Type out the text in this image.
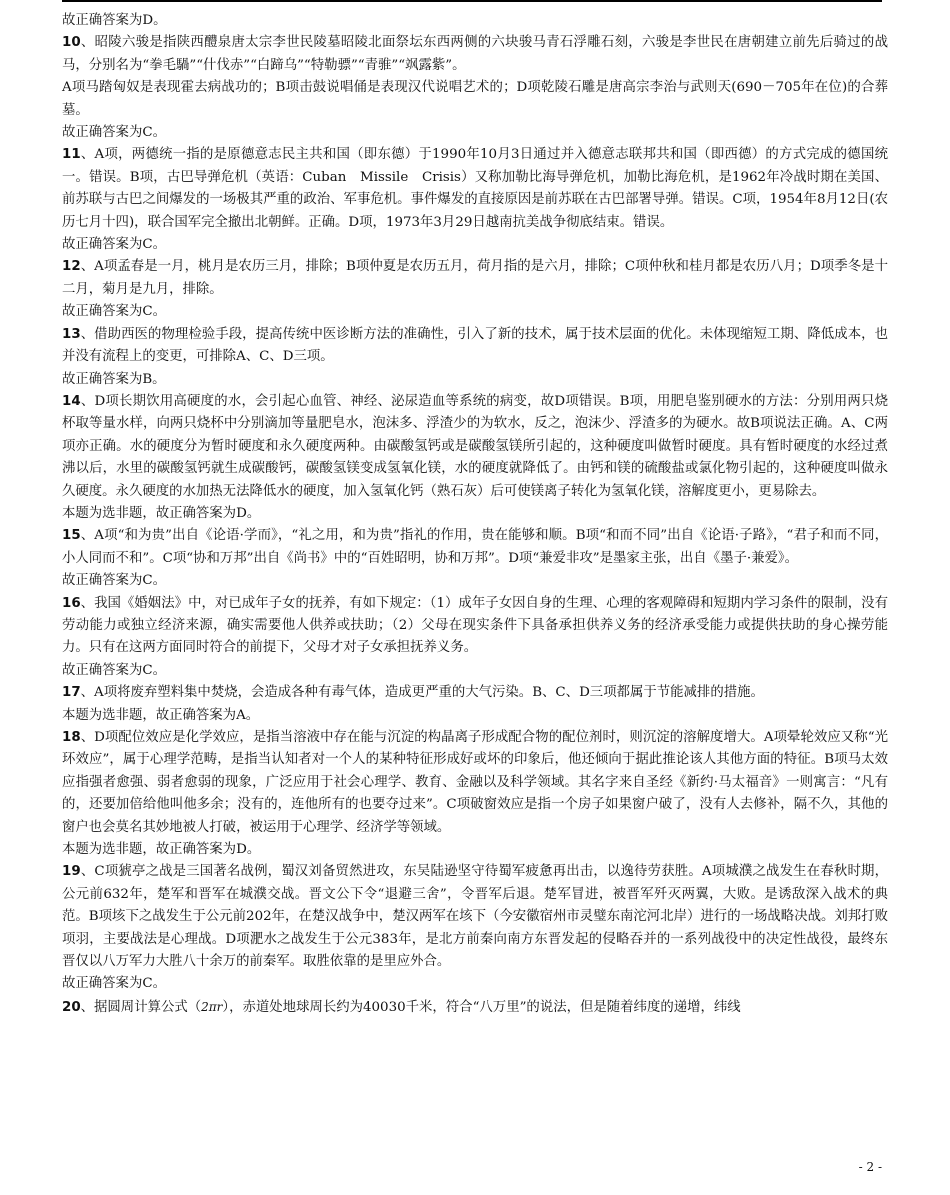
故正确答案为D。

10、昭陵六骏是指陕西醴泉唐太宗李世民陵墓昭陵北面祭坛东西两侧的六块骏马青石浮雕石刻，六骏是李世民在唐朝建立前先后骑过的战马，分别名为“拳毛騧”“什伐赤”“白蹄乌”“特勒骠”“青骓”“飒露紫”。

A项马踏匈奴是表现霍去病战功的；B项击鼓说唱俑是表现汉代说唱艺术的；D项乾陵石雕是唐高宗李治与武则天(690－705年在位)的合葬墓。

故正确答案为C。

11、A项，两德统一指的是原德意志民主共和国（即东德）于1990年10月3日通过并入德意志联邦共和国（即西德）的方式完成的德国统一。错误。B项，古巴导弹危机（英语：Cuban　Missile　Crisis）又称加勒比海导弹危机，加勒比海危机，是1962年冷战时期在美国、前苏联与古巴之间爆发的一场极其严重的政治、军事危机。事件爆发的直接原因是前苏联在古巴部署导弹。错误。C项，1954年8月12日(农历七月十四)，联合国军完全撤出北朝鲜。正确。D项，1973年3月29日越南抗美战争彻底结束。错误。

故正确答案为C。

12、A项孟春是一月，桃月是农历三月，排除；B项仲夏是农历五月，荷月指的是六月，排除；C项仲秋和桂月都是农历八月；D项季冬是十二月，菊月是九月，排除。

故正确答案为C。

13、借助西医的物理检验手段，提高传统中医诊断方法的准确性，引入了新的技术，属于技术层面的优化。未体现缩短工期、降低成本，也并没有流程上的变更，可排除A、C、D三项。

故正确答案为B。

14、D项长期饮用高硬度的水，会引起心血管、神经、泌尿造血等系统的病变，故D项错误。B项，用肥皂鉴别硬水的方法：分别用两只烧杯取等量水样，向两只烧杯中分别滴加等量肥皂水，泡沫多、浮渣少的为软水，反之，泡沫少、浮渣多的为硬水。故B项说法正确。A、C两项亦正确。水的硬度分为暂时硬度和永久硬度两种。由碳酸氢钙或是碳酸氢镁所引起的，这种硬度叫做暂时硬度。具有暂时硬度的水经过煮沸以后，水里的碳酸氢钙就生成碳酸钙，碳酸氢镁变成氢氧化镁，水的硬度就降低了。由钙和镁的硫酸盐或氯化物引起的，这种硬度叫做永久硬度。永久硬度的水加热无法降低水的硬度，加入氢氧化钙（熟石灰）后可使镁离子转化为氢氧化镁，溶解度更小，更易除去。

本题为选非题，故正确答案为D。

15、A项“和为贵”出自《论语·学而》，“礼之用，和为贵”指礼的作用，贵在能够和顺。B项“和而不同”出自《论语·子路》，“君子和而不同，小人同而不和”。C项“协和万邦”出自《尚书》中的“百姓昭明，协和万邦”。D项“兼爱非攻”是墨家主张，出自《墨子·兼爱》。

故正确答案为C。

16、我国《婚姻法》中，对已成年子女的抚养，有如下规定：（1）成年子女因自身的生理、心理的客观障碍和短期内学习条件的限制，没有劳动能力或独立经济来源，确实需要他人供养或扶助；（2）父母在现实条件下具备承担供养义务的经济承受能力或提供扶助的身心操劳能力。只有在这两方面同时符合的前提下，父母才对子女承担抚养义务。

故正确答案为C。

17、A项将废弃塑料集中焚烧，会造成各种有毒气体，造成更严重的大气污染。B、C、D三项都属于节能减排的措施。

本题为选非题，故正确答案为A。

18、D项配位效应是化学效应，是指当溶液中存在能与沉淀的构晶离子形成配合物的配位剂时，则沉淀的溶解度增大。A项晕轮效应又称“光环效应”，属于心理学范畴，是指当认知者对一个人的某种特征形成好或坏的印象后，他还倾向于据此推论该人其他方面的特征。B项马太效应指强者愈强、弱者愈弱的现象，广泛应用于社会心理学、教育、金融以及科学领域。其名字来自圣经《新约·马太福音》一则寓言：“凡有的，还要加倍给他叫他多余；没有的，连他所有的也要夺过来”。C项破窗效应是指一个房子如果窗户破了，没有人去修补，隔不久，其他的窗户也会莫名其妙地被人打破，被运用于心理学、经济学等领域。

本题为选非题，故正确答案为D。

19、C项猇亭之战是三国著名战例，蜀汉刘备贸然进攻，东吴陆逊坚守待蜀军疲惫再出击，以逸待劳获胜。A项城濮之战发生在春秋时期，公元前632年，楚军和晋军在城濮交战。晋文公下令“退避三舍”，令晋军后退。楚军冒进，被晋军歼灭两翼，大败。是诱敌深入战术的典范。B项垓下之战发生于公元前202年，在楚汉战争中，楚汉两军在垓下（今安徽宿州市灵璧东南沱河北岸）进行的一场战略决战。刘邦打败项羽，主要战法是心理战。D项淝水之战发生于公元383年，是北方前秦向南方东晋发起的侵略吞并的一系列战役中的决定性战役，最终东晋仅以八万军力大胜八十余万的前秦军。取胜依靠的是里应外合。

故正确答案为C。

20、据圆周计算公式（2πr），赤道处地球周长约为40030千米，符合“八万里”的说法，但是随着纬度的递增，纬线

- 2 -
